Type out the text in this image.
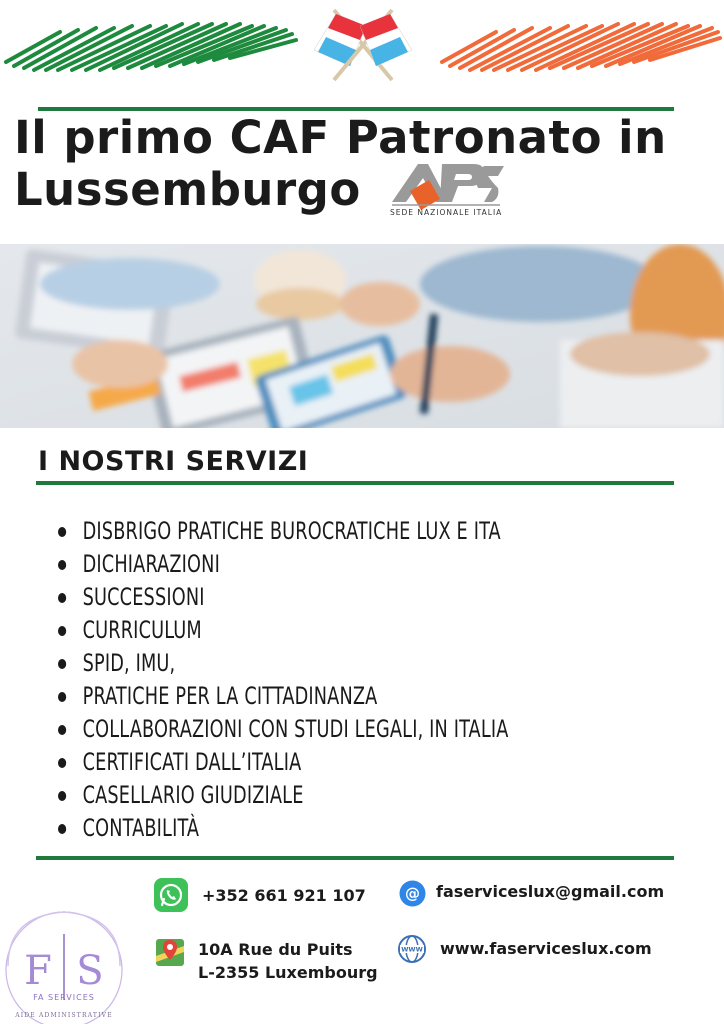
Il primo CAF Patronato in
Lussemburgo	SEDE NAZIONALE ITALIA
I NOSTRI SERVIZI
DISBRIGO PRATICHE BUROCRATICHE LUX E ITA
DICHIARAZIONI
SUCCESSIONI
CURRICULUM
SPID, IMU,
PRATICHE PER LA CITTADINANZA
COLLABORAZIONI CON STUDI LEGALI, IN ITALIA
CERTIFICATI DALL’ITALIA
CASELLARIO GIUDIZIALE
CONTABILITÀ
+352 661 921 107	@ faserviceslux@gmail.com
10A Rue du Puits
L-2355 Luxembourg
WWW www.faserviceslux.com
F S
FA SERVICES
AIDE ADMINISTRATIVE
